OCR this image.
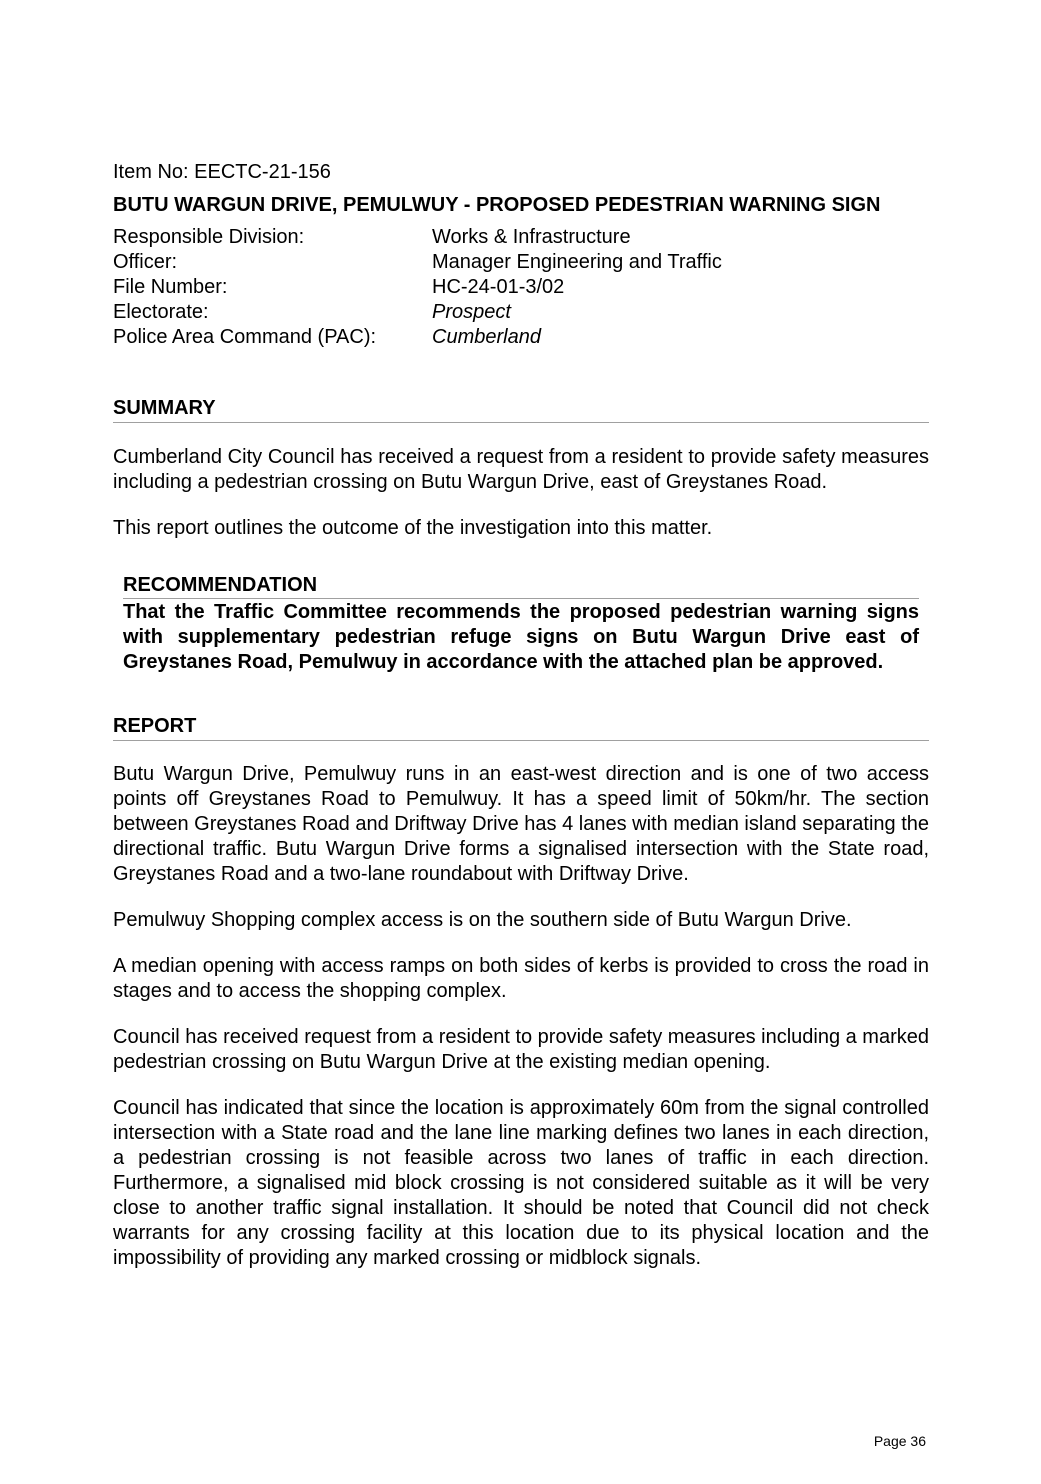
Item No: EECTC-21-156
BUTU WARGUN DRIVE, PEMULWUY - PROPOSED PEDESTRIAN WARNING SIGN
Responsible Division:	Works & Infrastructure
Officer:	Manager Engineering and Traffic
File Number:	HC-24-01-3/02
Electorate:	Prospect
Police Area Command (PAC):	Cumberland
SUMMARY

Cumberland City Council has received a request from a resident to provide safety measures including a pedestrian crossing on Butu Wargun Drive, east of Greystanes Road.

This report outlines the outcome of the investigation into this matter.

RECOMMENDATION

That the Traffic Committee recommends the proposed pedestrian warning signs with supplementary pedestrian refuge signs on Butu Wargun Drive east of Greystanes Road, Pemulwuy in accordance with the attached plan be approved.

REPORT

Butu Wargun Drive, Pemulwuy runs in an east-west direction and is one of two access points off Greystanes Road to Pemulwuy. It has a speed limit of 50km/hr. The section between Greystanes Road and Driftway Drive has 4 lanes with median island separating the directional traffic. Butu Wargun Drive forms a signalised intersection with the State road, Greystanes Road and a two-lane roundabout with Driftway Drive.

Pemulwuy Shopping complex access is on the southern side of Butu Wargun Drive.

A median opening with access ramps on both sides of kerbs is provided to cross the road in stages and to access the shopping complex.

Council has received request from a resident to provide safety measures including a marked pedestrian crossing on Butu Wargun Drive at the existing median opening.

Council has indicated that since the location is approximately 60m from the signal controlled intersection with a State road and the lane line marking defines two lanes in each direction, a pedestrian crossing is not feasible across two lanes of traffic in each direction. Furthermore, a signalised mid block crossing is not considered suitable as it will be very close to another traffic signal installation. It should be noted that Council did not check warrants for any crossing facility at this location due to its physical location and the impossibility of providing any marked crossing or midblock signals.

Page 36
